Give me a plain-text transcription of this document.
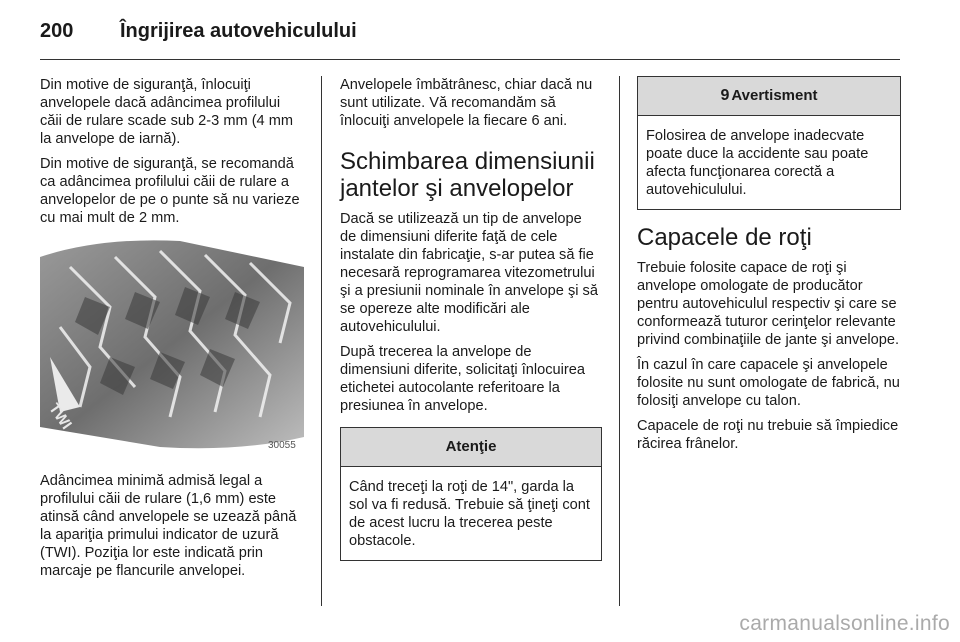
200 Îngrijirea autovehiculului

Din motive de siguranţă, înlocuiţi anvelopele dacă adâncimea profilului căii de rulare scade sub 2-3 mm (4 mm la anvelope de iarnă).

Din motive de siguranţă, se recomandă ca adâncimea profilului căii de rulare a anvelopelor de pe o punte să nu varieze cu mai mult de 2 mm.

TWI
30055

Adâncimea minimă admisă legal a profilului căii de rulare (1,6 mm) este atinsă când anvelopele se uzează până la apariţia primului indicator de uzură (TWI). Poziţia lor este indicată prin marcaje pe flancurile anvelopei.

Anvelopele îmbătrânesc, chiar dacă nu sunt utilizate. Vă recomandăm să înlocuiţi anvelopele la fiecare 6 ani.

Schimbarea dimensiunii jantelor şi anvelopelor

Dacă se utilizează un tip de anvelope de dimensiuni diferite faţă de cele instalate din fabricaţie, s-ar putea să fie necesară reprogramarea vitezometrului şi a presiunii nominale în anvelope şi să se opereze alte modificări ale autovehiculului.

După trecerea la anvelope de dimensiuni diferite, solicitaţi înlocuirea etichetei autocolante referitoare la presiunea în anvelope.

Atenţie
Când treceţi la roţi de 14", garda la sol va fi redusă. Trebuie să ţineţi cont de acest lucru la trecerea peste obstacole.
9 Avertisment
Folosirea de anvelope inadecvate poate duce la accidente sau poate afecta funcţionarea corectă a autovehiculului.
Capacele de roţi

Trebuie folosite capace de roţi şi anvelope omologate de producător pentru autovehiculul respectiv şi care se conformează tuturor cerinţelor relevante privind combinaţiile de jante şi anvelope.

În cazul în care capacele şi anvelopele folosite nu sunt omologate de fabrică, nu folosiţi anvelope cu talon.

Capacele de roţi nu trebuie să împiedice răcirea frânelor.

carmanualsonline.info
